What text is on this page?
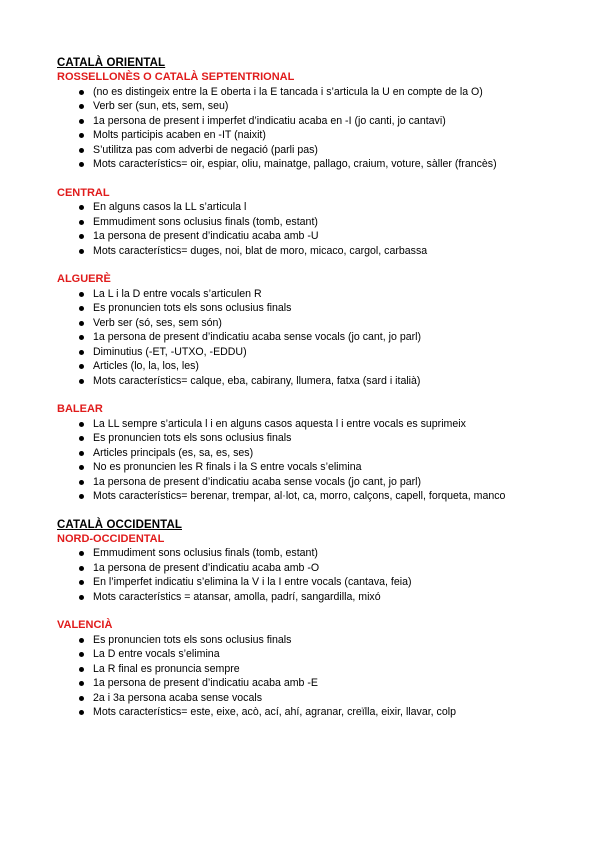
CATALÀ ORIENTAL
ROSSELLONÈS O CATALÀ SEPTENTRIONAL
(no es distingeix entre la E oberta i la E tancada i s’articula la U en compte de la O)
Verb ser (sun, ets, sem, seu)
1a persona de present i imperfet d’indicatiu acaba en -I (jo canti, jo cantavi)
Molts participis acaben en -IT (naixit)
S’utilitza pas com adverbi de negació (parli pas)
Mots característics= oir, espiar, oliu, mainatge, pallago, craium, voture, sàller (francès)
CENTRAL
En alguns casos la LL s’articula l
Emmudiment sons oclusius finals (tomb, estant)
1a persona de present d’indicatiu acaba amb -U
Mots característics= duges, noi, blat de moro, micaco, cargol, carbassa
ALGUERÈ
La L i la D entre vocals s’articulen R
Es pronuncien tots els sons oclusius finals
Verb ser (só, ses, sem són)
1a persona de present d’indicatiu acaba sense vocals (jo cant, jo parl)
Diminutius (-ET, -UTXO, -EDDU)
Articles (lo, la, los, les)
Mots característics= calque, eba, cabirany, llumera, fatxa (sard i italià)
BALEAR
La LL sempre s’articula l i en alguns casos aquesta l i entre vocals es suprimeix
Es pronuncien tots els sons oclusius finals
Articles principals (es, sa, es, ses)
No es pronuncien les R finals i la S entre vocals s’elimina
1a persona de present d’indicatiu acaba sense vocals (jo cant, jo parl)
Mots característics= berenar, trempar, al·lot, ca, morro, calçons, capell, forqueta, manco
CATALÀ OCCIDENTAL
NORD-OCCIDENTAL
Emmudiment sons oclusius finals (tomb, estant)
1a persona de present d’indicatiu acaba amb -O
En l’imperfet indicatiu s’elimina la V i la I entre vocals (cantava, feia)
Mots característics = atansar, amolla, padrí, sangardilla, mixó
VALENCIÀ
Es pronuncien tots els sons oclusius finals
La D entre vocals s’elimina
La R final es pronuncia sempre
1a persona de present d’indicatiu acaba amb -E
2a i 3a persona acaba sense vocals
Mots característics= este, eixe, acò, ací, ahí, agranar, creïlla, eixir, llavar, colp
